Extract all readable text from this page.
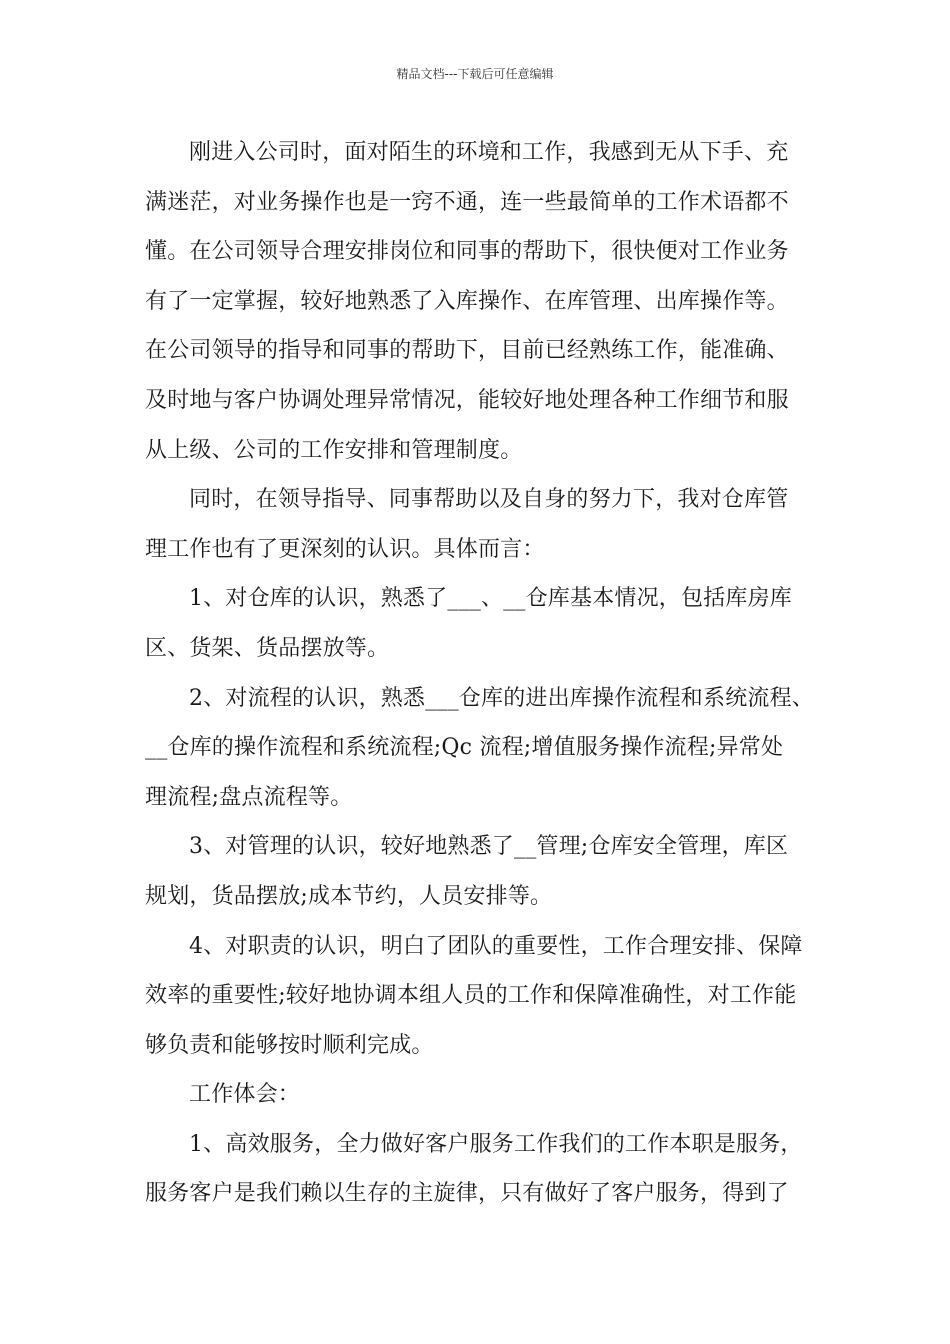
精品文档---下载后可任意编辑

刚进入公司时，面对陌生的环境和工作，我感到无从下手、充
满迷茫，对业务操作也是一窍不通，连一些最简单的工作术语都不
懂。在公司领导合理安排岗位和同事的帮助下，很快便对工作业务
有了一定掌握，较好地熟悉了入库操作、在库管理、出库操作等。
在公司领导的指导和同事的帮助下，目前已经熟练工作，能准确、
及时地与客户协调处理异常情况，能较好地处理各种工作细节和服
从上级、公司的工作安排和管理制度。

同时，在领导指导、同事帮助以及自身的努力下，我对仓库管
理工作也有了更深刻的认识。具体而言：

1、对仓库的认识，熟悉了___、__仓库基本情况，包括库房库
区、货架、货品摆放等。

2、对流程的认识，熟悉___仓库的进出库操作流程和系统流程、
__仓库的操作流程和系统流程;Qc 流程;增值服务操作流程;异常处
理流程;盘点流程等。

3、对管理的认识，较好地熟悉了__管理;仓库安全管理，库区
规划，货品摆放;成本节约，人员安排等。

4、对职责的认识，明白了团队的重要性，工作合理安排、保障
效率的重要性;较好地协调本组人员的工作和保障准确性，对工作能
够负责和能够按时顺利完成。

工作体会：

1、高效服务，全力做好客户服务工作我们的工作本职是服务，
服务客户是我们赖以生存的主旋律，只有做好了客户服务，得到了
